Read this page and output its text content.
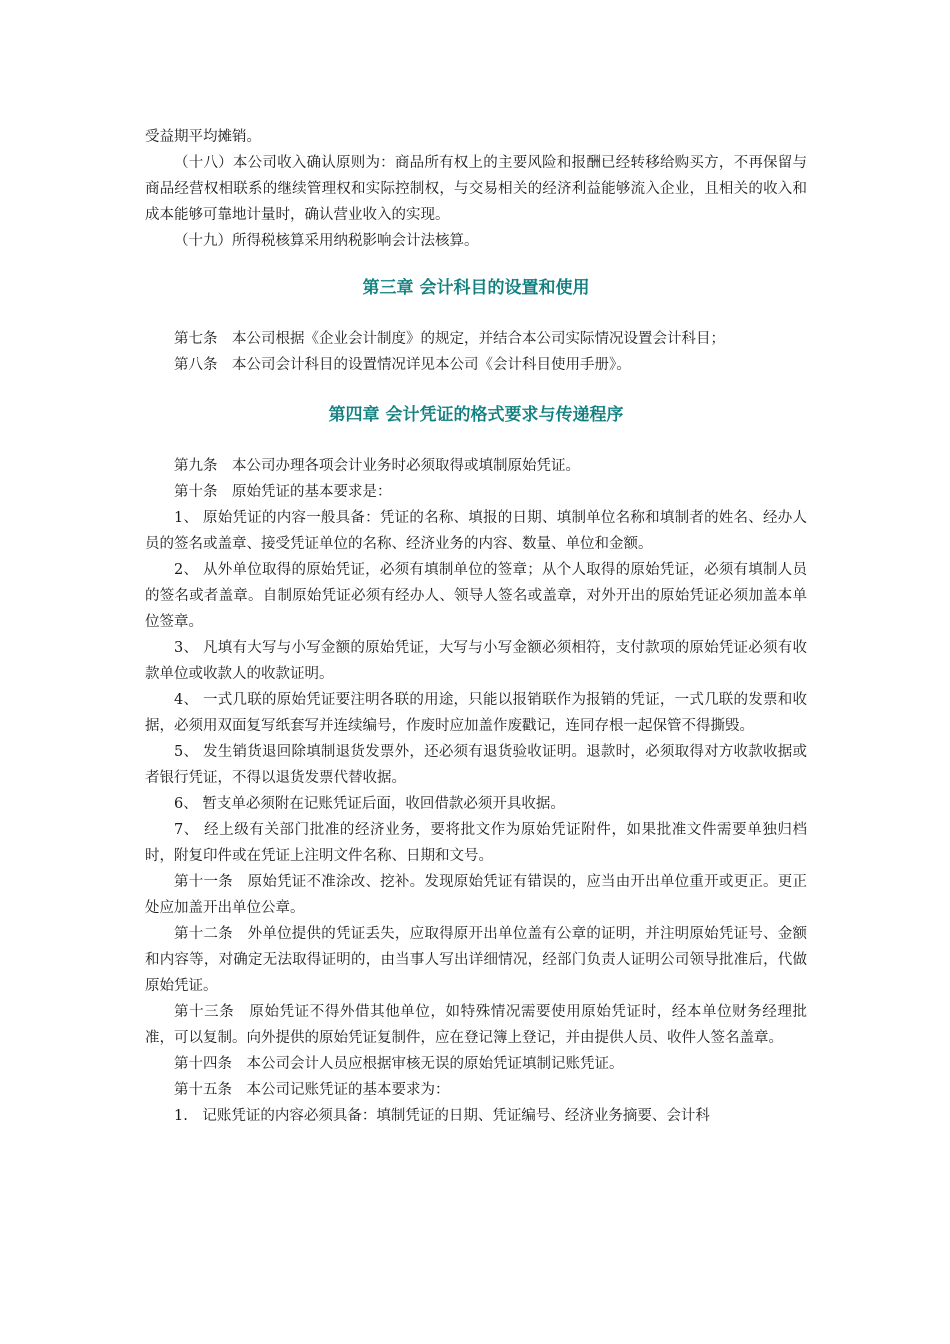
受益期平均摊销。

（十八）本公司收入确认原则为：商品所有权上的主要风险和报酬已经转移给购买方，不再保留与商品经营权相联系的继续管理权和实际控制权，与交易相关的经济利益能够流入企业，且相关的收入和成本能够可靠地计量时，确认营业收入的实现。

（十九）所得税核算采用纳税影响会计法核算。

第三章 会计科目的设置和使用

第七条　本公司根据《企业会计制度》的规定，并结合本公司实际情况设置会计科目；

第八条　本公司会计科目的设置情况详见本公司《会计科目使用手册》。

第四章 会计凭证的格式要求与传递程序

第九条　本公司办理各项会计业务时必须取得或填制原始凭证。

第十条　原始凭证的基本要求是：

1、 原始凭证的内容一般具备：凭证的名称、填报的日期、填制单位名称和填制者的姓名、经办人员的签名或盖章、接受凭证单位的名称、经济业务的内容、数量、单位和金额。

2、 从外单位取得的原始凭证，必须有填制单位的签章；从个人取得的原始凭证，必须有填制人员的签名或者盖章。自制原始凭证必须有经办人、领导人签名或盖章，对外开出的原始凭证必须加盖本单位签章。

3、 凡填有大写与小写金额的原始凭证，大写与小写金额必须相符，支付款项的原始凭证必须有收款单位或收款人的收款证明。

4、 一式几联的原始凭证要注明各联的用途，只能以报销联作为报销的凭证，一式几联的发票和收据，必须用双面复写纸套写并连续编号，作废时应加盖作废戳记，连同存根一起保管不得撕毁。

5、 发生销货退回除填制退货发票外，还必须有退货验收证明。退款时，必须取得对方收款收据或者银行凭证，不得以退货发票代替收据。

6、 暂支单必须附在记账凭证后面，收回借款必须开具收据。

7、 经上级有关部门批准的经济业务，要将批文作为原始凭证附件，如果批准文件需要单独归档时，附复印件或在凭证上注明文件名称、日期和文号。

第十一条　原始凭证不准涂改、挖补。发现原始凭证有错误的，应当由开出单位重开或更正。更正处应加盖开出单位公章。

第十二条　外单位提供的凭证丢失，应取得原开出单位盖有公章的证明，并注明原始凭证号、金额和内容等，对确定无法取得证明的，由当事人写出详细情况，经部门负责人证明公司领导批准后，代做原始凭证。

第十三条　原始凭证不得外借其他单位，如特殊情况需要使用原始凭证时，经本单位财务经理批准，可以复制。向外提供的原始凭证复制件，应在登记簿上登记，并由提供人员、收件人签名盖章。

第十四条　本公司会计人员应根据审核无误的原始凭证填制记账凭证。

第十五条　本公司记账凭证的基本要求为：

1.　记账凭证的内容必须具备：填制凭证的日期、凭证编号、经济业务摘要、会计科
